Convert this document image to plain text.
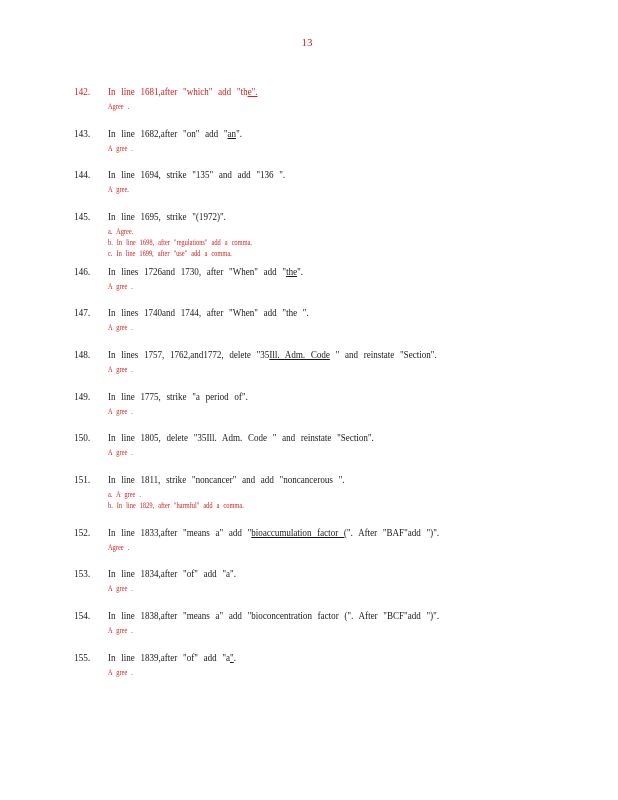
13
142. In line 1681,after "which" add "the".
Agree .
143. In line 1682,after "on" add "an".
A gree .
144. In line 1694, strike "135" and add "136 ".
A gree.
145. In line 1695, strike "(1972)".
a. Agree.
b. In line 1698, after "regulations" add a comma.
c. In line 1699, after "use" add a comma.
146. In lines 1726and 1730, after "When" add "the".
A gree .
147. In lines 1740and 1744, after "When" add "the ".
A gree .
148. In lines 1757, 1762,and1772, delete "35Ill. Adm. Code " and reinstate "Section".
A gree .
149. In line 1775, strike "a period of".
A gree .
150. In line 1805, delete "35Ill. Adm. Code " and reinstate "Section".
A gree .
151. In line 1811, strike "noncancer" and add "noncancerous ".
a. A gree .
b. In line 1829, after "harmful" add a comma.
152. In line 1833,after "means a" add "bioaccumulation factor (". After "BAF"add ")".
Agree .
153. In line 1834,after "of" add "a".
A gree .
154. In line 1838,after "means a" add "bioconcentration factor (". After "BCF"add ")".
A gree .
155. In line 1839,after "of" add "a".
A gree .
